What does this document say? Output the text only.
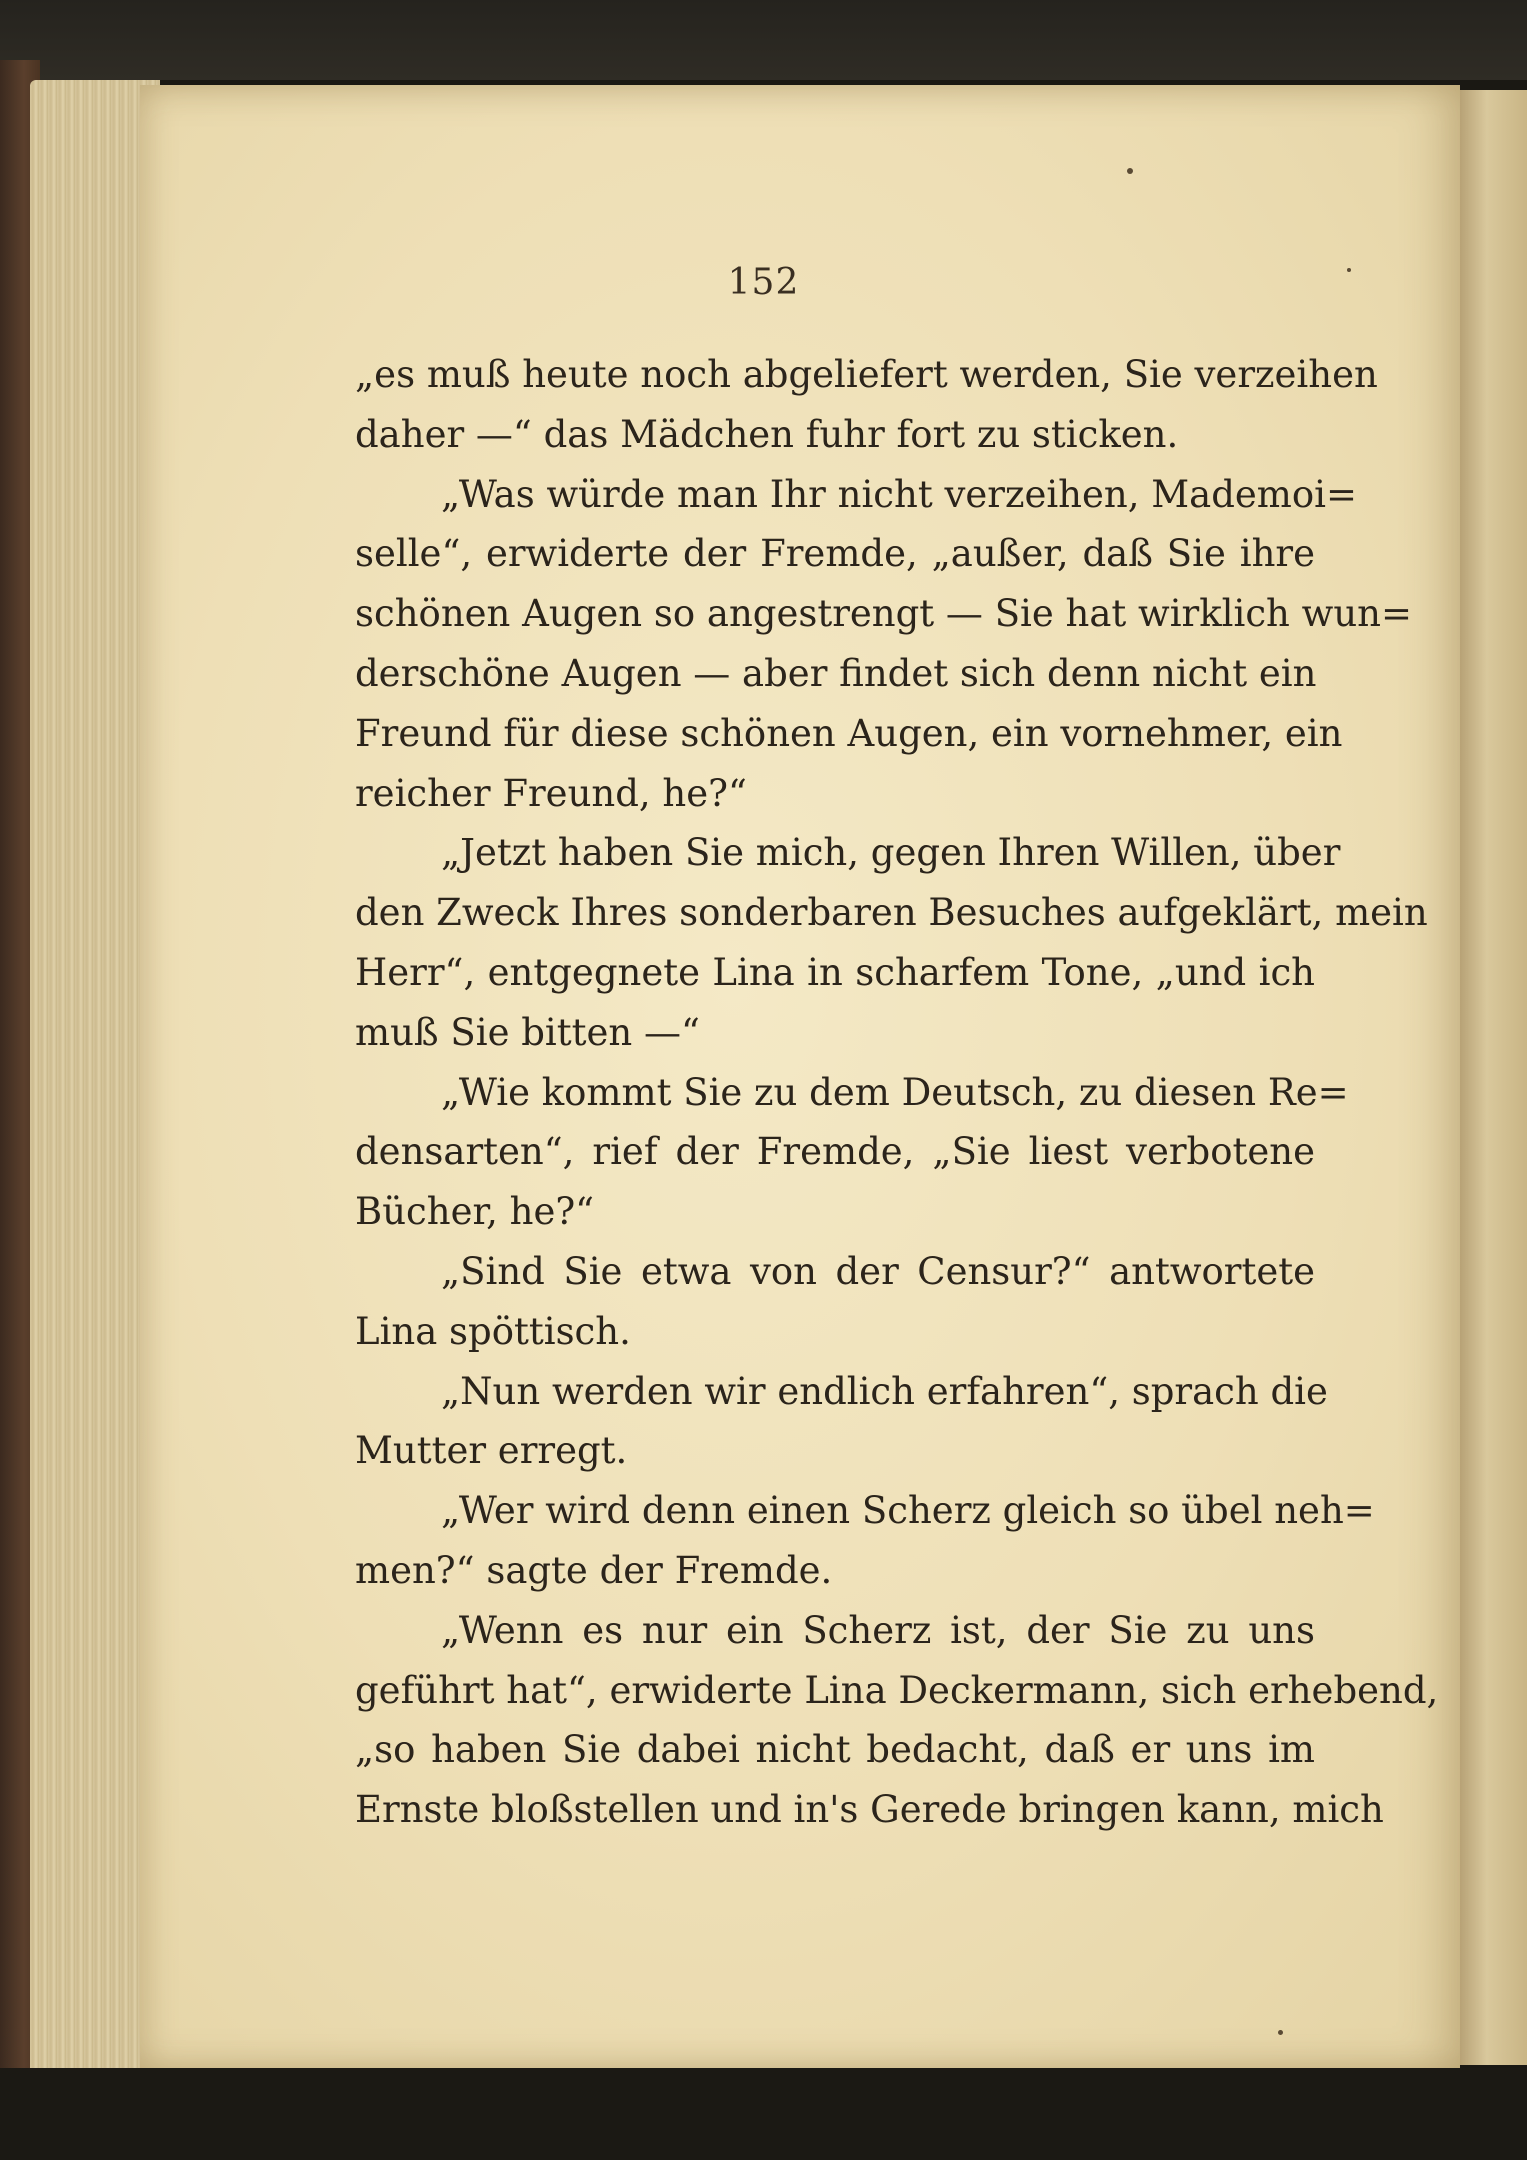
152
„es muß heute noch abgeliefert werden, Sie verzeihen
daher —“ das Mädchen fuhr fort zu sticken.
„Was würde man Ihr nicht verzeihen, Mademoi=
selle“, erwiderte der Fremde, „außer, daß Sie ihre
schönen Augen so angestrengt — Sie hat wirklich wun=
derschöne Augen — aber findet sich denn nicht ein
Freund für diese schönen Augen, ein vornehmer, ein
reicher Freund, he?“
„Jetzt haben Sie mich, gegen Ihren Willen, über
den Zweck Ihres sonderbaren Besuches aufgeklärt, mein
Herr“, entgegnete Lina in scharfem Tone, „und ich
muß Sie bitten —“
„Wie kommt Sie zu dem Deutsch, zu diesen Re=
densarten“, rief der Fremde, „Sie liest verbotene
Bücher, he?“
„Sind Sie etwa von der Censur?“ antwortete
Lina spöttisch.
„Nun werden wir endlich erfahren“, sprach die
Mutter erregt.
„Wer wird denn einen Scherz gleich so übel neh=
men?“ sagte der Fremde.
„Wenn es nur ein Scherz ist, der Sie zu uns
geführt hat“, erwiderte Lina Deckermann, sich erhebend,
„so haben Sie dabei nicht bedacht, daß er uns im
Ernste bloßstellen und in's Gerede bringen kann, mich
